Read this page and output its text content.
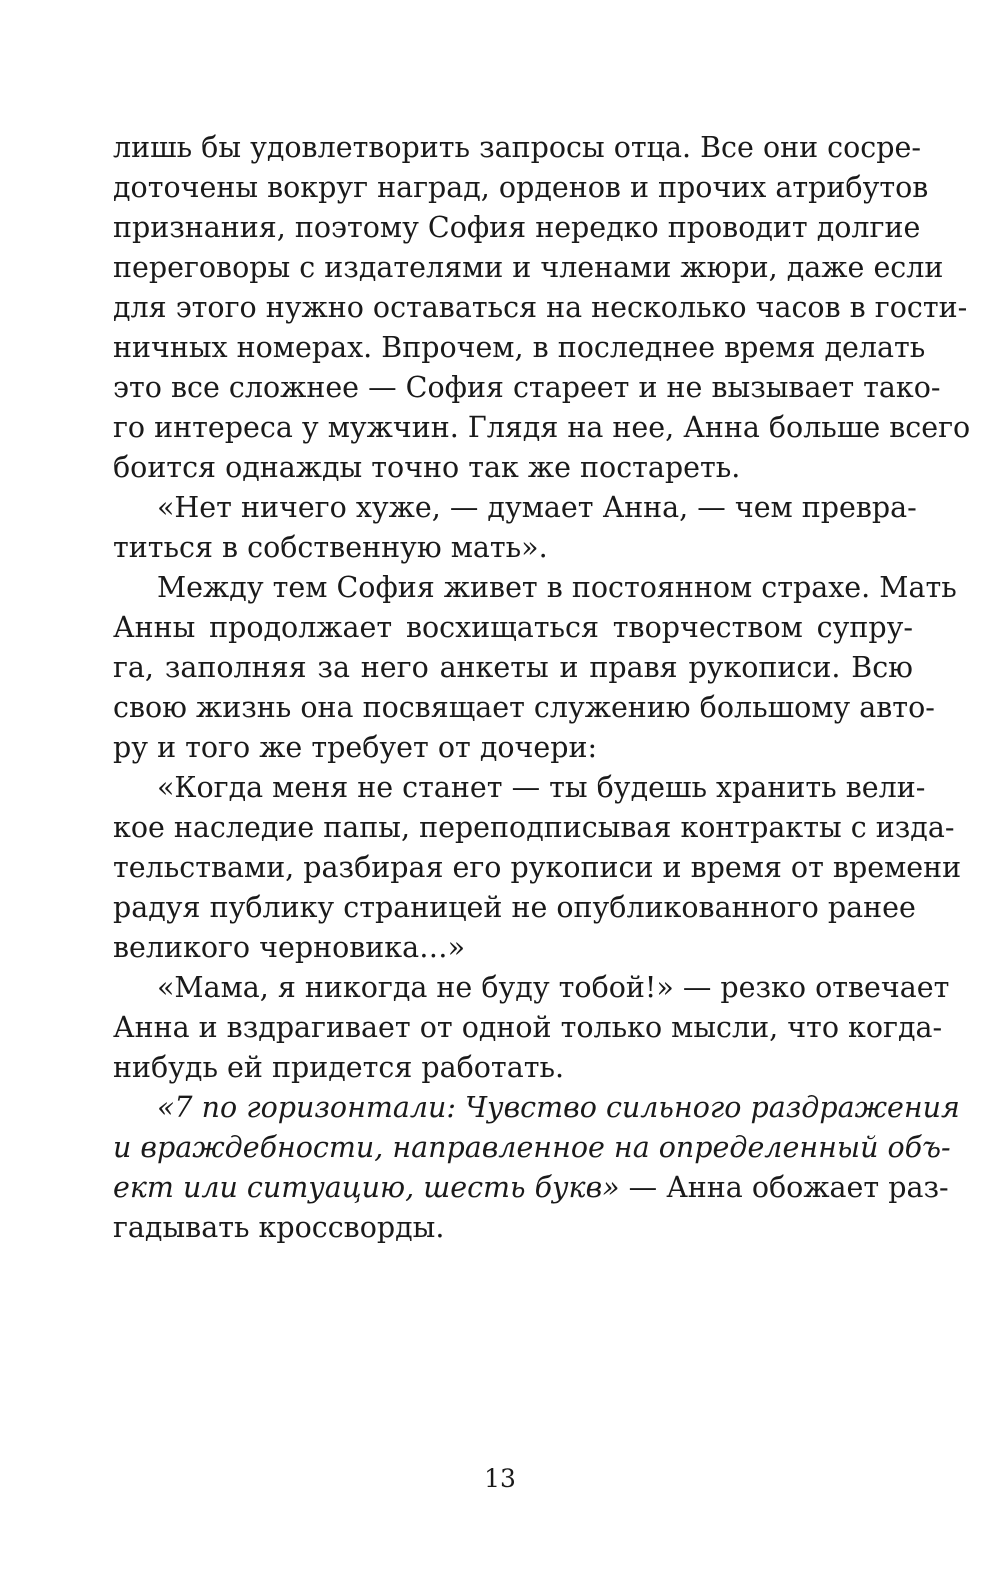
лишь бы удовлетворить запросы отца. Все они сосре-
доточены вокруг наград, орденов и прочих атрибутов
признания, поэтому София нередко проводит долгие
переговоры с издателями и членами жюри, даже если
для этого нужно оставаться на несколько часов в гости-
ничных номерах. Впрочем, в последнее время делать
это все сложнее — София стареет и не вызывает тако-
го интереса у мужчин. Глядя на нее, Анна больше всего
боится однажды точно так же постареть.
«Нет ничего хуже, — думает Анна, — чем превра-
титься в собственную мать».
Между тем София живет в постоянном страхе. Мать
Анны продолжает восхищаться творчеством супру-
га, заполняя за него анкеты и правя рукописи. Всю
свою жизнь она посвящает служению большому авто-
ру и того же требует от дочери:
«Когда меня не станет — ты будешь хранить вели-
кое наследие папы, переподписывая контракты с изда-
тельствами, разбирая его рукописи и время от времени
радуя публику страницей не опубликованного ранее
великого черновика…»
«Мама, я никогда не буду тобой!» — резко отвечает
Анна и вздрагивает от одной только мысли, что когда-
нибудь ей придется работать.
«7 по горизонтали: Чувство сильного раздражения
и враждебности, направленное на определенный объ-
ект или ситуацию, шесть букв» — Анна обожает раз-
гадывать кроссворды.
13
